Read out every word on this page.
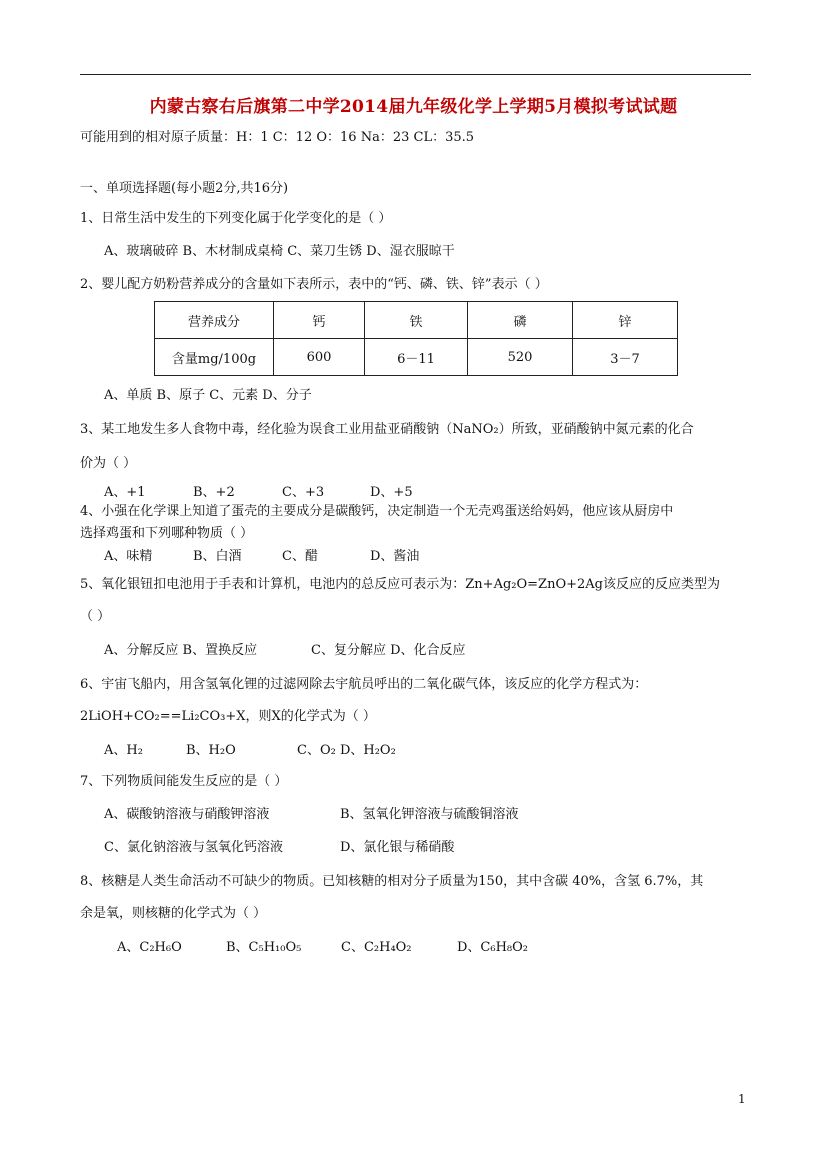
内蒙古察右后旗第二中学2014届九年级化学上学期5月模拟考试试题
可能用到的相对原子质量：H：1 C：12 O：16 Na：23 CL：35.5
一、单项选择题(每小题2分,共16分)
1、日常生活中发生的下列变化属于化学变化的是（ ）
A、玻璃破碎 B、木材制成桌椅 C、菜刀生锈 D、湿衣服晾干
2、婴儿配方奶粉营养成分的含量如下表所示，表中的“钙、磷、铁、锌”表示（ ）
营养成分	钙	铁	磷	锌
含量mg/100g	600	6－11	520	3－7
A、单质 B、原子 C、元素 D、分子
3、某工地发生多人食物中毒，经化验为误食工业用盐亚硝酸钠（NaNO₂）所致，亚硝酸钠中氮元素的化合
价为（ ）
A、+1	B、+2	C、+3	D、+5
4、小强在化学课上知道了蛋壳的主要成分是碳酸钙，决定制造一个无壳鸡蛋送给妈妈，他应该从厨房中
选择鸡蛋和下列哪种物质（ ）
A、味精	B、白酒	C、醋	D、酱油
5、氧化银钮扣电池用于手表和计算机，电池内的总反应可表示为：Zn+Ag₂O=ZnO+2Ag该反应的反应类型为
（ ）
A、分解反应 B、置换反应	C、复分解应 D、化合反应
6、宇宙飞船内，用含氢氧化锂的过滤网除去宇航员呼出的二氧化碳气体，该反应的化学方程式为：
2LiOH+CO₂==Li₂CO₃+X，则X的化学式为（ ）
A、H₂	B、H₂O	C、O₂ D、H₂O₂
7、下列物质间能发生反应的是（ ）
A、碳酸钠溶液与硝酸钾溶液	B、氢氧化钾溶液与硫酸铜溶液
C、氯化钠溶液与氢氧化钙溶液	D、氯化银与稀硝酸
8、核糖是人类生命活动不可缺少的物质。已知核糖的相对分子质量为150，其中含碳 40%，含氢 6.7%，其
余是氧，则核糖的化学式为（ ）
A、C₂H₆O	B、C₅H₁₀O₅	C、C₂H₄O₂	D、C₆H₈O₂
1
